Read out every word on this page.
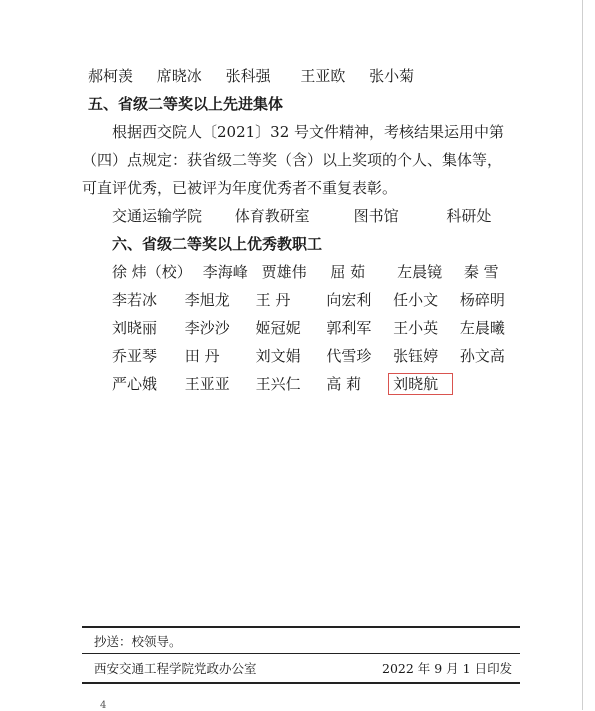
郝柯羡 席晓冰 张科强 王亚欧 张小菊
五、省级二等奖以上先进集体
根据西交院人〔2021〕32 号文件精神，考核结果运用中第
（四）点规定：获省级二等奖（含）以上奖项的个人、集体等，
可直评优秀，已被评为年度优秀者不重复表彰。
交通运输学院 体育教研室	图书馆	科研处
六、省级二等奖以上优秀教职工
徐 炜（校） 李海峰 贾雄伟 屈 茹 左晨镜 秦 雪
李若冰 李旭龙 王 丹 向宏利 任小文 杨碎明
刘晓丽 李沙沙 姬冠妮 郭利军 王小英 左晨曦
乔亚琴 田 丹 刘文娟 代雪珍 张钰婷 孙文高
严心娥 王亚亚 王兴仁 高 莉 刘晓航
抄送：校领导。
西安交通工程学院党政办公室	2022 年 9 月 1 日印发
4
